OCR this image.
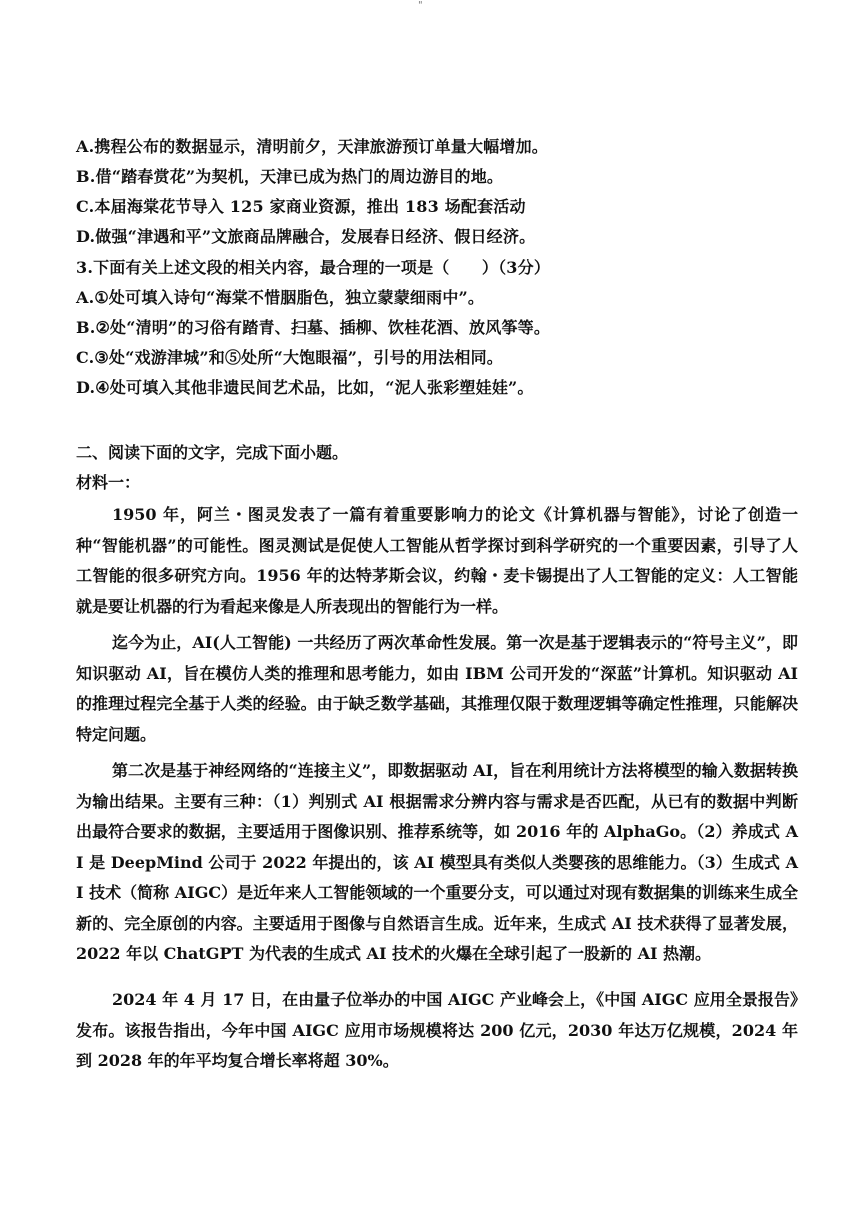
"
A.携程公布的数据显示，清明前夕，天津旅游预订单量大幅增加。
B.借“踏春赏花”为契机，天津已成为热门的周边游目的地。
C.本届海棠花节导入 125 家商业资源，推出 183 场配套活动
D.做强“津遇和平”文旅商品牌融合，发展春日经济、假日经济。
3.下面有关上述文段的相关内容，最合理的一项是（　　）（3分）
A.①处可填入诗句“海棠不惜胭脂色，独立蒙蒙细雨中”。
B.②处“清明”的习俗有踏青、扫墓、插柳、饮桂花酒、放风筝等。
C.③处“戏游津城”和⑤处所“大饱眼福”，引号的用法相同。
D.④处可填入其他非遗民间艺术品，比如，“泥人张彩塑娃娃”。
二、阅读下面的文字，完成下面小题。
材料一：
1950 年，阿兰・图灵发表了一篇有着重要影响力的论文《计算机器与智能》，讨论了创造一种“智能机器”的可能性。图灵测试是促使人工智能从哲学探讨到科学研究的一个重要因素，引导了人工智能的很多研究方向。1956 年的达特茅斯会议，约翰・麦卡锡提出了人工智能的定义：人工智能就是要让机器的行为看起来像是人所表现出的智能行为一样。
迄今为止，AI(人工智能) 一共经历了两次革命性发展。第一次是基于逻辑表示的“符号主义”，即知识驱动 AI，旨在模仿人类的推理和思考能力，如由 IBM 公司开发的“深蓝”计算机。知识驱动 AI 的推理过程完全基于人类的经验。由于缺乏数学基础，其推理仅限于数理逻辑等确定性推理，只能解决特定问题。
第二次是基于神经网络的“连接主义”，即数据驱动 AI，旨在利用统计方法将模型的输入数据转换为输出结果。主要有三种：（1）判别式 AI 根据需求分辨内容与需求是否匹配，从已有的数据中判断出最符合要求的数据，主要适用于图像识别、推荐系统等，如 2016 年的 AlphaGo。（2）养成式 AI 是 DeepMind 公司于 2022 年提出的，该 AI 模型具有类似人类婴孩的思维能力。（3）生成式 AI 技术（简称 AIGC）是近年来人工智能领域的一个重要分支，可以通过对现有数据集的训练来生成全新的、完全原创的内容。主要适用于图像与自然语言生成。近年来，生成式 AI 技术获得了显著发展，2022 年以 ChatGPT 为代表的生成式 AI 技术的火爆在全球引起了一股新的 AI 热潮。
2024 年 4 月 17 日，在由量子位举办的中国 AIGC 产业峰会上，《中国 AIGC 应用全景报告》发布。该报告指出，今年中国 AIGC 应用市场规模将达 200 亿元，2030 年达万亿规模，2024 年到 2028 年的年平均复合增长率将超 30%。
